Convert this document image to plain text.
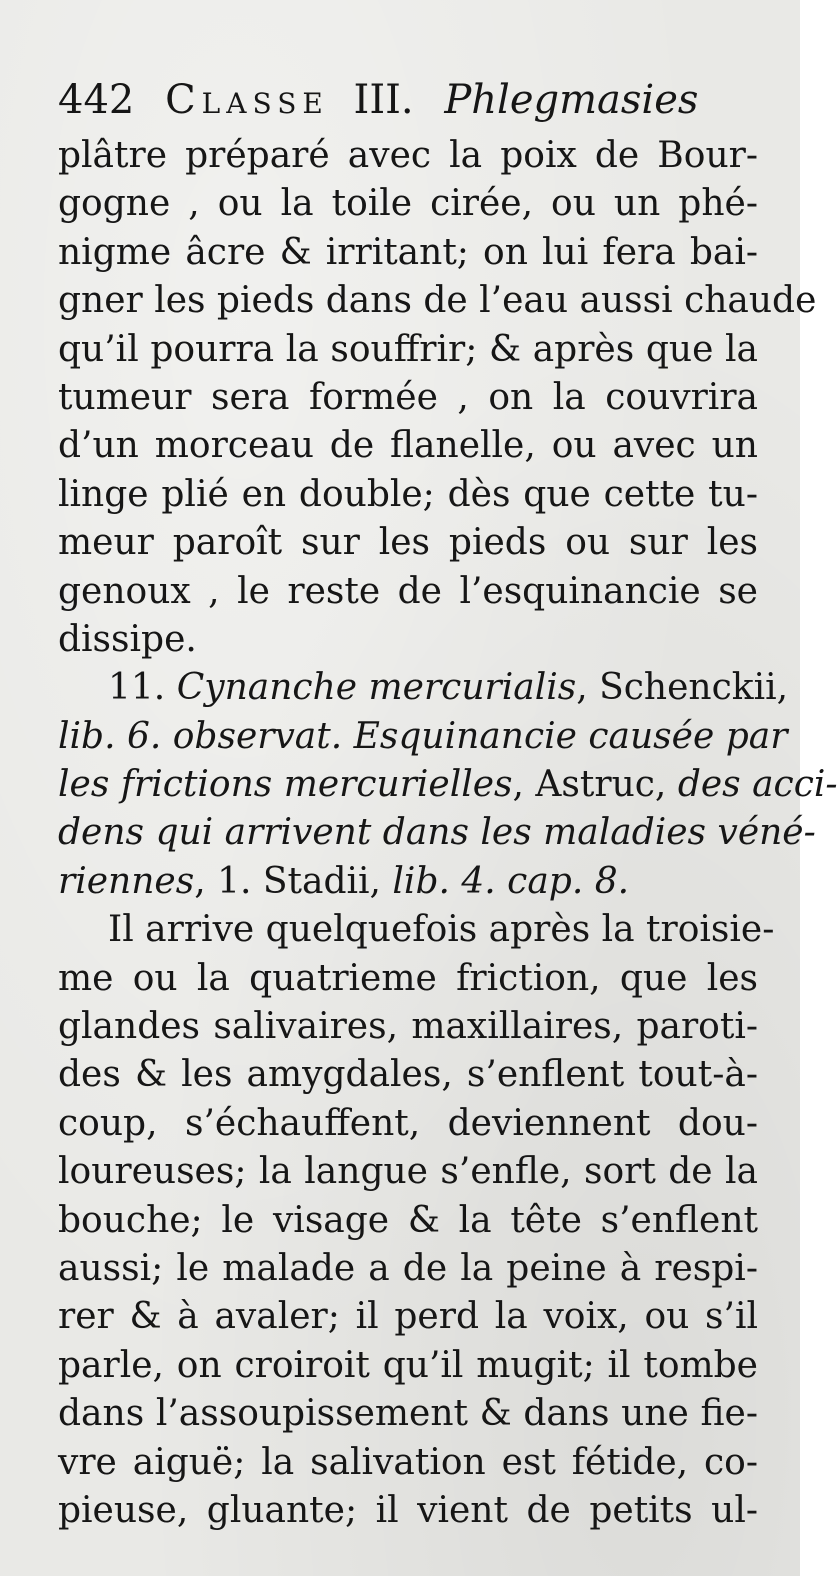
442 Classe III. Phlegmasies
plâtre préparé avec la poix de Bour-
gogne , ou la toile cirée, ou un phé-
nigme âcre & irritant; on lui fera bai-
gner les pieds dans de l’eau aussi chaude
qu’il pourra la souffrir; & après que la
tumeur sera formée , on la couvrira
d’un morceau de flanelle, ou avec un
linge plié en double; dès que cette tu-
meur paroît sur les pieds ou sur les
genoux , le reste de l’esquinancie se
dissipe.
11. Cynanche mercurialis, Schenckii,
lib. 6. observat. Esquinancie causée par
les frictions mercurielles, Astruc, des acci-
dens qui arrivent dans les maladies véné-
riennes, 1. Stadii, lib. 4. cap. 8.
Il arrive quelquefois après la troisie-
me ou la quatrieme friction, que les
glandes salivaires, maxillaires, paroti-
des & les amygdales, s’enflent tout-à-
coup, s’échauffent, deviennent dou-
loureuses; la langue s’enfle, sort de la
bouche; le visage & la tête s’enflent
aussi; le malade a de la peine à respi-
rer & à avaler; il perd la voix, ou s’il
parle, on croiroit qu’il mugit; il tombe
dans l’assoupissement & dans une fie-
vre aiguë; la salivation est fétide, co-
pieuse, gluante; il vient de petits ul-
